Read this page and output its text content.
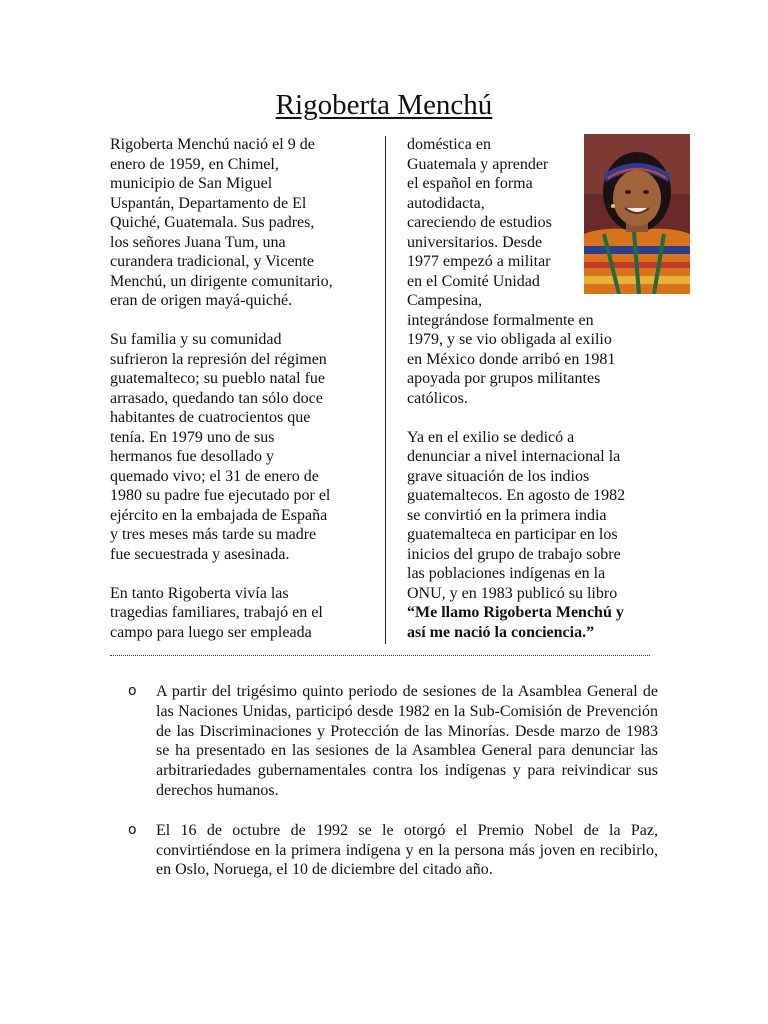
Rigoberta Menchú

Rigoberta Menchú nació el 9 de
enero de 1959, en Chimel,
municipio de San Miguel
Uspantán, Departamento de El
Quiché, Guatemala. Sus padres,
los señores Juana Tum, una
curandera tradicional, y Vicente
Menchú, un dirigente comunitario,
eran de origen mayá-quiché.

Su familia y su comunidad
sufrieron la represión del régimen
guatemalteco; su pueblo natal fue
arrasado, quedando tan sólo doce
habitantes de cuatrocientos que
tenía. En 1979 uno de sus
hermanos fue desollado y
quemado vivo; el 31 de enero de
1980 su padre fue ejecutado por el
ejército en la embajada de España
y tres meses más tarde su madre
fue secuestrada y asesinada.

En tanto Rigoberta vivía las
tragedias familiares, trabajó en el
campo para luego ser empleada

doméstica en
Guatemala y aprender
el español en forma
autodidacta,
careciendo de estudios
universitarios. Desde
1977 empezó a militar
en el Comité Unidad
Campesina,
integrándose formalmente en
1979, y se vio obligada al exilio
en México donde arribó en 1981
apoyada por grupos militantes
católicos.

Ya en el exilio se dedicó a
denunciar a nivel internacional la
grave situación de los indios
guatemaltecos. En agosto de 1982
se convirtió en la primera india
guatemalteca en participar en los
inicios del grupo de trabajo sobre
las poblaciones indígenas en la
ONU, y en 1983 publicó su libro
“Me llamo Rigoberta Menchú y
así me nació la conciencia.”

o A partir del trigésimo quinto periodo de sesiones de la Asamblea General de las Naciones Unidas, participó desde 1982 en la Sub-Comisión de Prevención de las Discriminaciones y Protección de las Minorías. Desde marzo de 1983 se ha presentado en las sesiones de la Asamblea General para denunciar las arbitrariedades gubernamentales contra los indígenas y para reivindicar sus derechos humanos.
o El 16 de octubre de 1992 se le otorgó el Premio Nobel de la Paz, convirtiéndose en la primera indígena y en la persona más joven en recibirlo, en Oslo, Noruega, el 10 de diciembre del citado año.
